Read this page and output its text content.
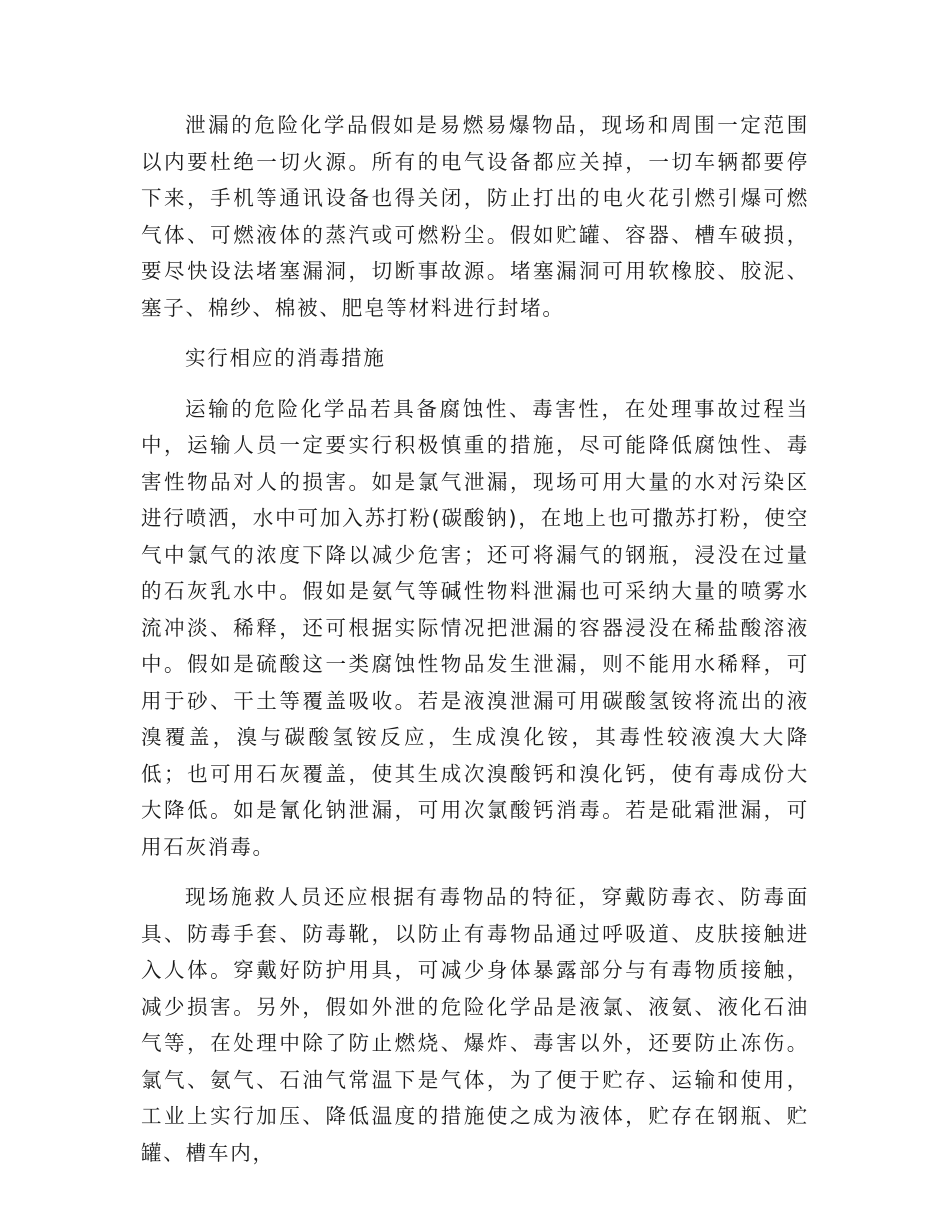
泄漏的危险化学品假如是易燃易爆物品，现场和周围一定范围以内要杜绝一切火源。所有的电气设备都应关掉，一切车辆都要停下来，手机等通讯设备也得关闭，防止打出的电火花引燃引爆可燃气体、可燃液体的蒸汽或可燃粉尘。假如贮罐、容器、槽车破损，要尽快设法堵塞漏洞，切断事故源。堵塞漏洞可用软橡胶、胶泥、塞子、棉纱、棉被、肥皂等材料进行封堵。

实行相应的消毒措施

运输的危险化学品若具备腐蚀性、毒害性，在处理事故过程当中，运输人员一定要实行积极慎重的措施，尽可能降低腐蚀性、毒害性物品对人的损害。如是氯气泄漏，现场可用大量的水对污染区进行喷洒，水中可加入苏打粉(碳酸钠)，在地上也可撒苏打粉，使空气中氯气的浓度下降以减少危害；还可将漏气的钢瓶，浸没在过量的石灰乳水中。假如是氨气等碱性物料泄漏也可采纳大量的喷雾水流冲淡、稀释，还可根据实际情况把泄漏的容器浸没在稀盐酸溶液中。假如是硫酸这一类腐蚀性物品发生泄漏，则不能用水稀释，可用于砂、干土等覆盖吸收。若是液溴泄漏可用碳酸氢铵将流出的液溴覆盖，溴与碳酸氢铵反应，生成溴化铵，其毒性较液溴大大降低；也可用石灰覆盖，使其生成次溴酸钙和溴化钙，使有毒成份大大降低。如是氰化钠泄漏，可用次氯酸钙消毒。若是砒霜泄漏，可用石灰消毒。

现场施救人员还应根据有毒物品的特征，穿戴防毒衣、防毒面具、防毒手套、防毒靴，以防止有毒物品通过呼吸道、皮肤接触进入人体。穿戴好防护用具，可减少身体暴露部分与有毒物质接触，减少损害。另外，假如外泄的危险化学品是液氯、液氨、液化石油气等，在处理中除了防止燃烧、爆炸、毒害以外，还要防止冻伤。氯气、氨气、石油气常温下是气体，为了便于贮存、运输和使用，工业上实行加压、降低温度的措施使之成为液体，贮存在钢瓶、贮罐、槽车内，
